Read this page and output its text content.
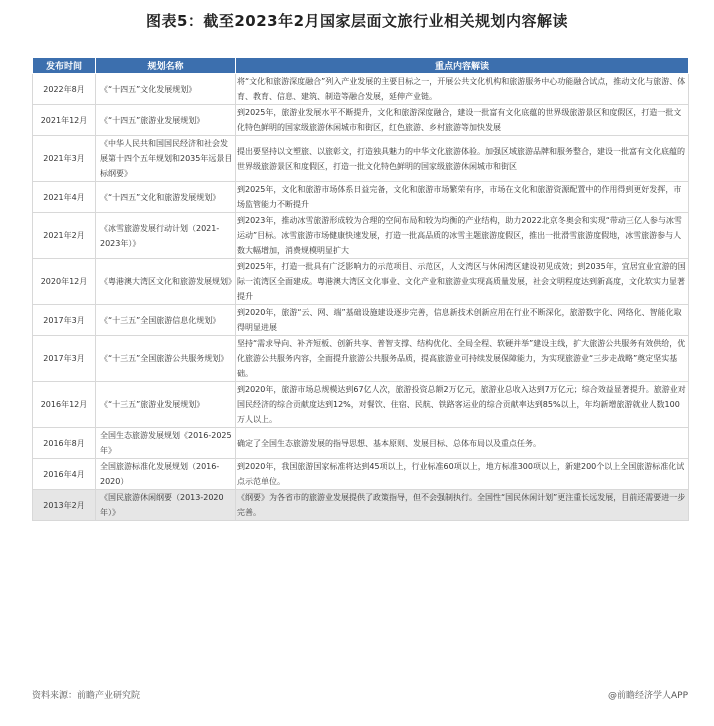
图表5：截至2023年2月国家层面文旅行业相关规划内容解读
发布时间	规划名称	重点内容解读
2022年8月	《“十四五”文化发展规划》	将“文化和旅游深度融合”列入产业发展的主要目标之一，开展公共文化机构和旅游服务中心功能融合试点，推动文化与旅游、体育、教育、信息、建筑、制造等融合发展，延伸产业链。
2021年12月	《“十四五”旅游业发展规划》	到2025年，旅游业发展水平不断提升，文化和旅游深度融合，建设一批富有文化底蕴的世界级旅游景区和度假区，打造一批文化特色鲜明的国家级旅游休闲城市和街区，红色旅游、乡村旅游等加快发展
2021年3月	《中华人民共和国国民经济和社会发展第十四个五年规划和2035年远景目标纲要》	提出要坚持以文塑旅、以旅彰文，打造独具魅力的中华文化旅游体验。加强区域旅游品牌和服务整合，建设一批富有文化底蕴的世界级旅游景区和度假区，打造一批文化特色鲜明的国家级旅游休闲城市和街区
2021年4月	《“十四五”文化和旅游发展规划》	到2025年，文化和旅游市场体系日益完备，文化和旅游市场繁荣有序，市场在文化和旅游资源配置中的作用得到更好发挥，市场监管能力不断提升
2021年2月	《冰雪旅游发展行动计划（2021-2023年）》	到2023年，推动冰雪旅游形成较为合理的空间布局和较为均衡的产业结构，助力2022北京冬奥会和实现“带动三亿人参与冰雪运动”目标。冰雪旅游市场健康快速发展，打造一批高品质的冰雪主题旅游度假区，推出一批滑雪旅游度假地，冰雪旅游参与人数大幅增加，消费规模明显扩大
2020年12月	《粤港澳大湾区文化和旅游发展规划》	到2025年，打造一批具有广泛影响力的示范项目、示范区，人文湾区与休闲湾区建设初见成效；到2035年，宜居宜业宜游的国际一流湾区全面建成。粤港澳大湾区文化事业、文化产业和旅游业实现高质量发展，社会文明程度达到新高度，文化软实力显著提升
2017年3月	《“十三五”全国旅游信息化规划》	到2020年，旅游“云、网、端”基础设施建设逐步完善，信息新技术创新应用在行业不断深化，旅游数字化、网络化、智能化取得明显进展
2017年3月	《“十三五”全国旅游公共服务规划》	坚持“需求导向、补齐短板、创新共享、普智支撑、结构优化、全局全程、软硬并举”建设主线，扩大旅游公共服务有效供给，优化旅游公共服务内容，全面提升旅游公共服务品质，提高旅游业可持续发展保障能力，为实现旅游业“三步走战略”奠定坚实基础。
2016年12月	《“十三五”旅游业发展规划》	到2020年，旅游市场总规模达到67亿人次，旅游投资总额2万亿元，旅游业总收入达到7万亿元；综合效益显著提升。旅游业对国民经济的综合贡献度达到12%，对餐饮、住宿、民航、铁路客运业的综合贡献率达到85%以上，年均新增旅游就业人数100万人以上。
2016年8月	全国生态旅游发展规划《2016-2025年》	确定了全国生态旅游发展的指导思想、基本原则、发展目标、总体布局以及重点任务。
2016年4月	全国旅游标准化发展规划（2016-2020）	到2020年，我国旅游国家标准将达到45项以上，行业标准60项以上，地方标准300项以上，新建200个以上全国旅游标准化试点示范单位。
2013年2月	《国民旅游休闲纲要（2013-2020年）》	《纲要》为各省市的旅游业发展提供了政策指导，但不会强制执行。全国性“国民休闲计划”更注重长远发展，目前还需要进一步完善。
资料来源：前瞻产业研究院	@前瞻经济学人APP
